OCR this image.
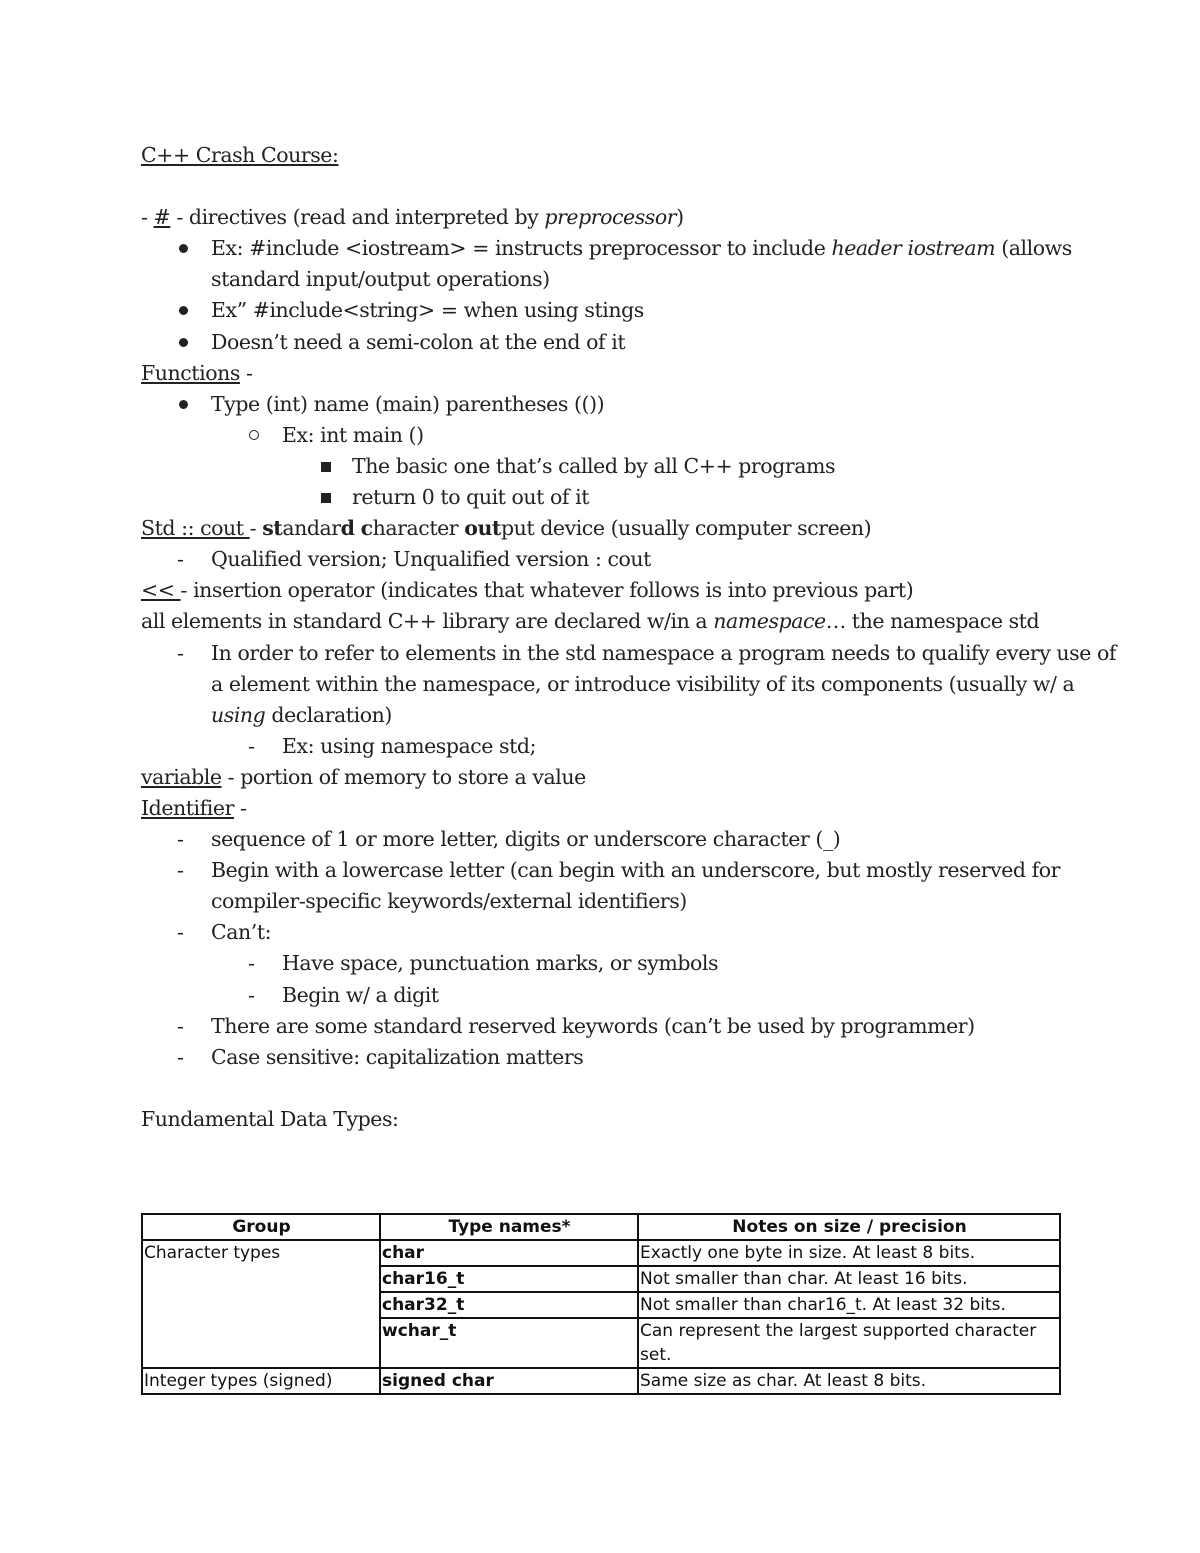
C++ Crash Course:
- # - directives (read and interpreted by preprocessor)
Ex: #include <iostream> = instructs preprocessor to include header iostream (allows
standard input/output operations)
Ex” #include<string> = when using stings
Doesn’t need a semi-colon at the end of it
Functions -
Type (int) name (main) parentheses (())
Ex: int main ()
The basic one that’s called by all C++ programs
return 0 to quit out of it
Std :: cout - standard character output device (usually computer screen)
Qualified version; Unqualified version : cout
<< - insertion operator (indicates that whatever follows is into previous part)
all elements in standard C++ library are declared w/in a namespace… the namespace std
In order to refer to elements in the std namespace a program needs to qualify every use of
a element within the namespace, or introduce visibility of its components (usually w/ a
using declaration)
Ex: using namespace std;
variable - portion of memory to store a value
Identifier -
sequence of 1 or more letter, digits or underscore character (_)
Begin with a lowercase letter (can begin with an underscore, but mostly reserved for
compiler-specific keywords/external identifiers)
Can’t:
Have space, punctuation marks, or symbols
Begin w/ a digit
There are some standard reserved keywords (can’t be used by programmer)
Case sensitive: capitalization matters
Fundamental Data Types:
Group	Type names*	Notes on size / precision
Character types	char	Exactly one byte in size. At least 8 bits.
	char16_t	Not smaller than char. At least 16 bits.
	char32_t	Not smaller than char16_t. At least 32 bits.
	wchar_t	Can represent the largest supported character set.
Integer types (signed)	signed char	Same size as char. At least 8 bits.
